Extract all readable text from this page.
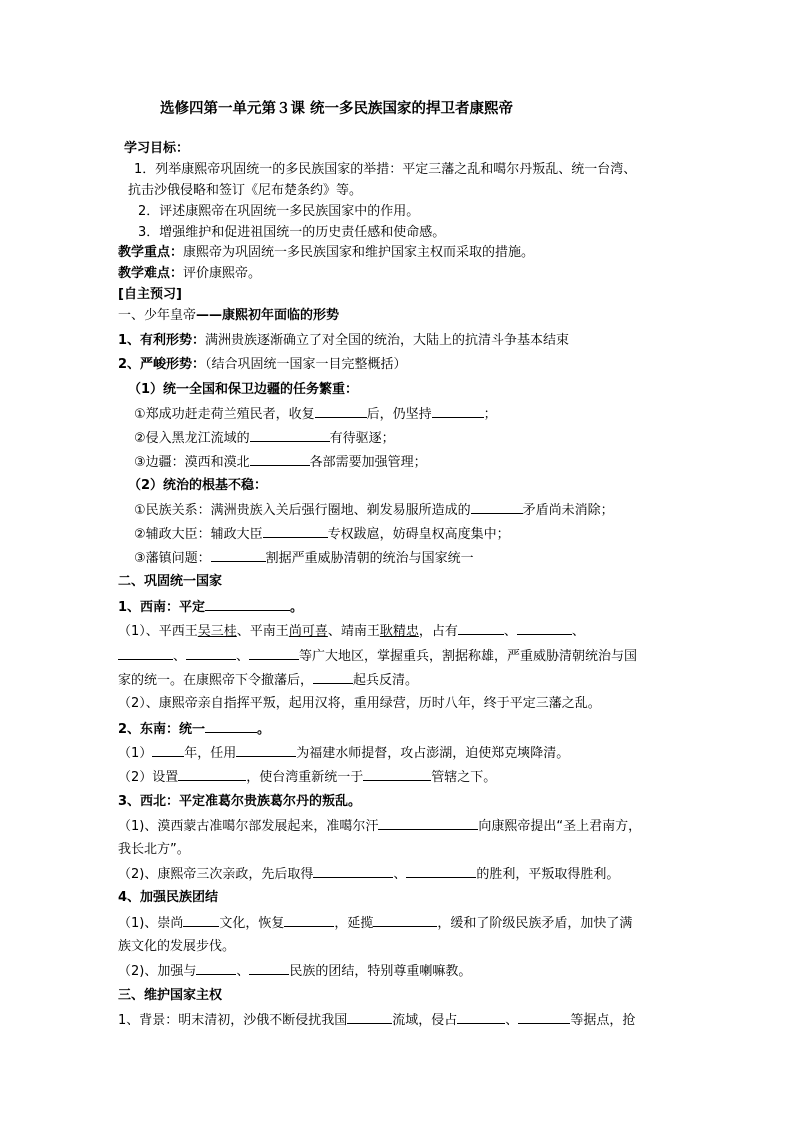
选修四第一单元第３课 统一多民族国家的捍卫者康熙帝
学习目标：
1．列举康熙帝巩固统一的多民族国家的举措：平定三藩之乱和噶尔丹叛乱、统一台湾、
抗击沙俄侵略和签订《尼布楚条约》等。
2．评述康熙帝在巩固统一多民族国家中的作用。
3．增强维护和促进祖国统一的历史责任感和使命感。
教学重点：康熙帝为巩固统一多民族国家和维护国家主权而采取的措施。
教学难点：评价康熙帝。
[自主预习]
一、少年皇帝——康熙初年面临的形势
1、有利形势：满洲贵族逐渐确立了对全国的统治，大陆上的抗清斗争基本结束
2、严峻形势：（结合巩固统一国家一目完整概括）
（1）统一全国和保卫边疆的任务繁重：
①郑成功赶走荷兰殖民者，收复	后，仍坚持	；
②侵入黑龙江流域的	有待驱逐；
③边疆：漠西和漠北	各部需要加强管理；
（2）统治的根基不稳：
①民族关系：满洲贵族入关后强行圈地、剃发易服所造成的	矛盾尚未消除；
②辅政大臣：辅政大臣	专权跋扈，妨碍皇权高度集中；
③藩镇问题：	割据严重威胁清朝的统治与国家统一
二、巩固统一国家
1、西南：平定	。
（1）、平西王吴三桂、平南王尚可喜、靖南王耿精忠，占有	、	、
、	、	等广大地区，掌握重兵，割据称雄，严重威胁清朝统治与国
家的统一。在康熙帝下令撤藩后，	起兵反清。
（2）、康熙帝亲自指挥平叛，起用汉将，重用绿营，历时八年，终于平定三藩之乱。
2、东南：统一	。
（1） 年，任用	为福建水师提督，攻占澎湖，迫使郑克塽降清。
（2）设置	，使台湾重新统一于	管辖之下。
3、西北：平定准葛尔贵族葛尔丹的叛乱。
（1)、漠西蒙古准噶尔部发展起来，准噶尔汗	向康熙帝提出“圣上君南方，
我长北方”。
（2)、康熙帝三次亲政，先后取得	、	的胜利，平叛取得胜利。
4、加强民族团结
（1)、崇尚	文化，恢复	，延揽	，缓和了阶级民族矛盾，加快了满
族文化的发展步伐。
（2)、加强与	、	民族的团结，特别尊重喇嘛教。
三、维护国家主权
1、背景：明末清初，沙俄不断侵扰我国	流域，侵占	、	等据点，抢
